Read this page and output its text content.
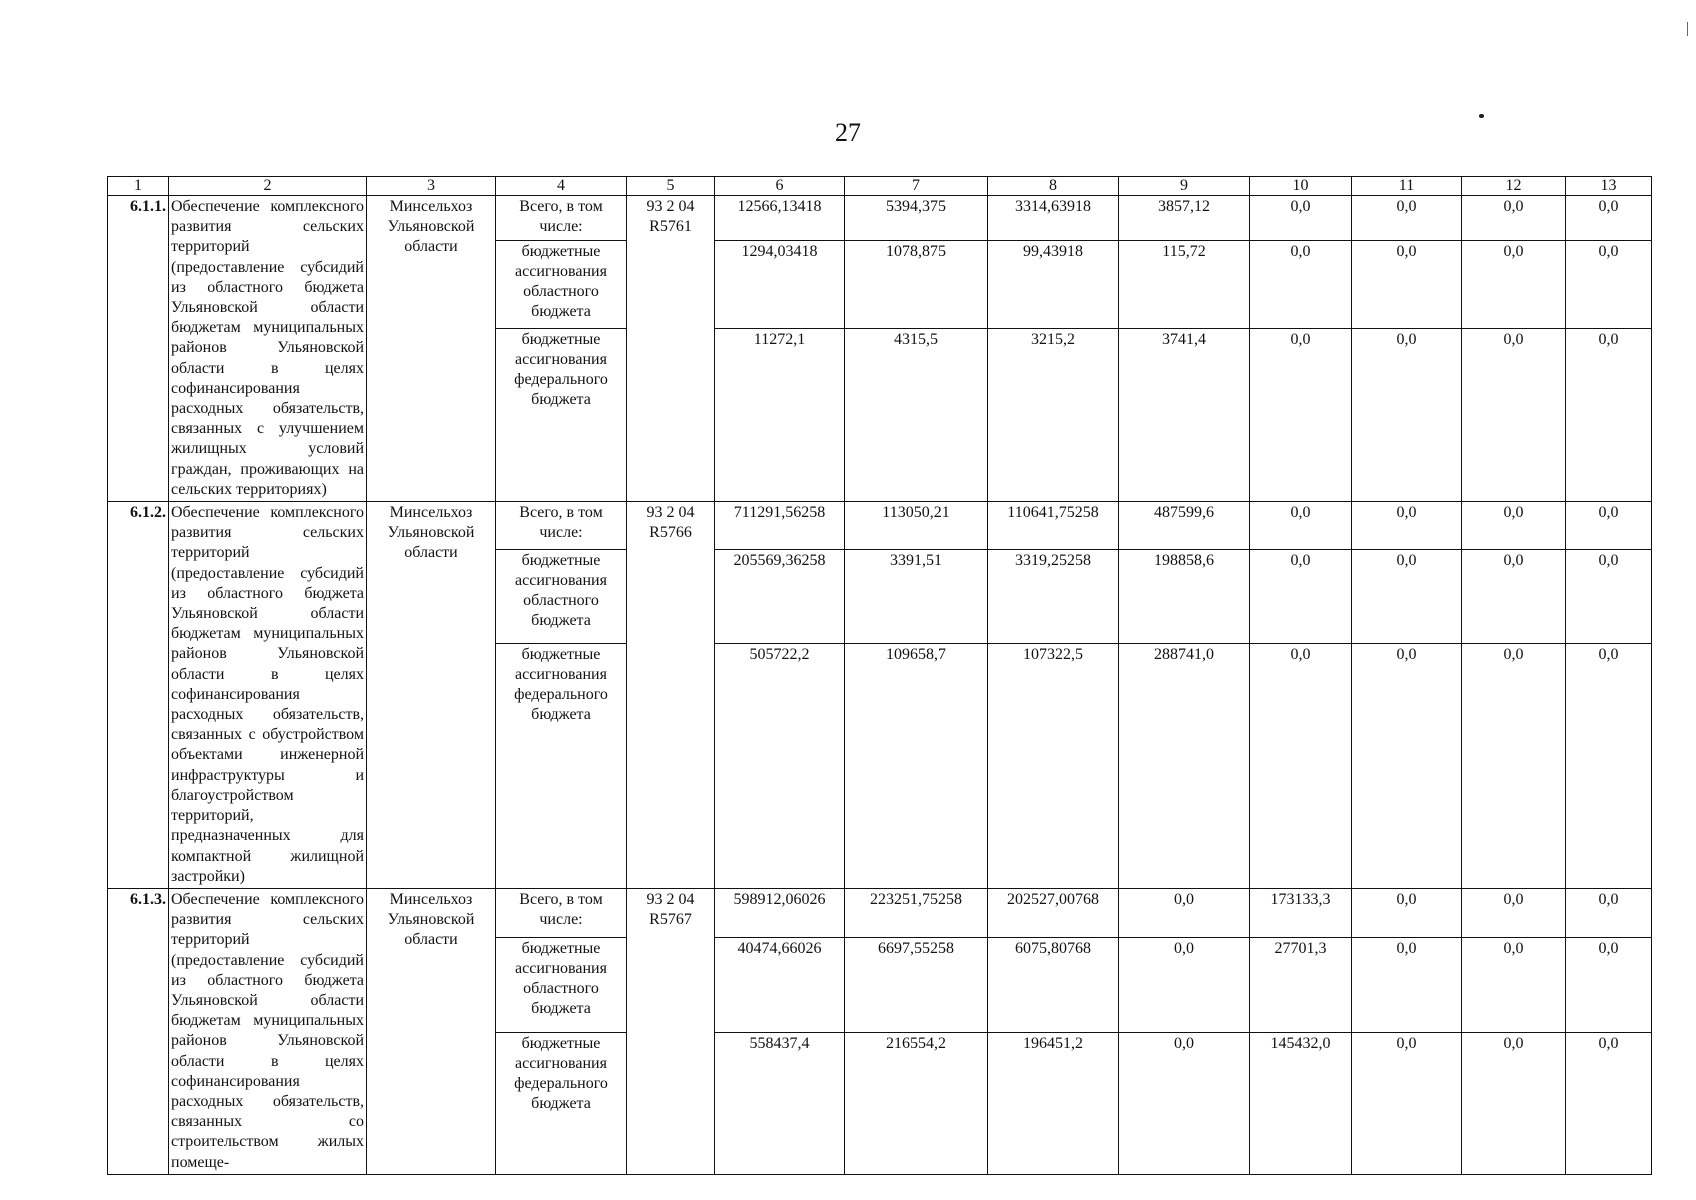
27
1	2	3	4	5	6	7	8	9	10	11	12	13
6.1.1.	Обеспечение комплексного развития сельских территорий (предоставление субсидий из областного бюджета Ульяновской области бюджетам муниципальных районов Ульяновской области в целях софинансирования расходных обязательств, связанных с улучшением жилищных условий граждан, проживающих на сельских территориях)	Минсельхоз Ульяновской области	Всего, в том числе:	93 2 04 R5761	12566,13418	5394,375	3314,63918	3857,12	0,0	0,0	0,0	0,0
			бюджетные ассигнования областного бюджета		1294,03418	1078,875	99,43918	115,72	0,0	0,0	0,0	0,0
			бюджетные ассигнования федерального бюджета		11272,1	4315,5	3215,2	3741,4	0,0	0,0	0,0	0,0
6.1.2.	Обеспечение комплексного развития сельских территорий (предоставление субсидий из областного бюджета Ульяновской области бюджетам муниципальных районов Ульяновской области в целях софинансирования расходных обязательств, связанных с обустройством объектами инженерной инфраструктуры и благоустройством территорий, предназначенных для компактной жилищной застройки)	Минсельхоз Ульяновской области	Всего, в том числе:	93 2 04 R5766	711291,56258	113050,21	110641,75258	487599,6	0,0	0,0	0,0	0,0
			бюджетные ассигнования областного бюджета		205569,36258	3391,51	3319,25258	198858,6	0,0	0,0	0,0	0,0
			бюджетные ассигнования федерального бюджета		505722,2	109658,7	107322,5	288741,0	0,0	0,0	0,0	0,0
6.1.3.	Обеспечение комплексного развития сельских территорий (предоставление субсидий из областного бюджета Ульяновской области бюджетам муниципальных районов Ульяновской области в целях софинансирования расходных обязательств, связанных со строительством жилых помеще-	Минсельхоз Ульяновской области	Всего, в том числе:	93 2 04 R5767	598912,06026	223251,75258	202527,00768	0,0	173133,3	0,0	0,0	0,0
			бюджетные ассигнования областного бюджета		40474,66026	6697,55258	6075,80768	0,0	27701,3	0,0	0,0	0,0
			бюджетные ассигнования федерального бюджета		558437,4	216554,2	196451,2	0,0	145432,0	0,0	0,0	0,0
